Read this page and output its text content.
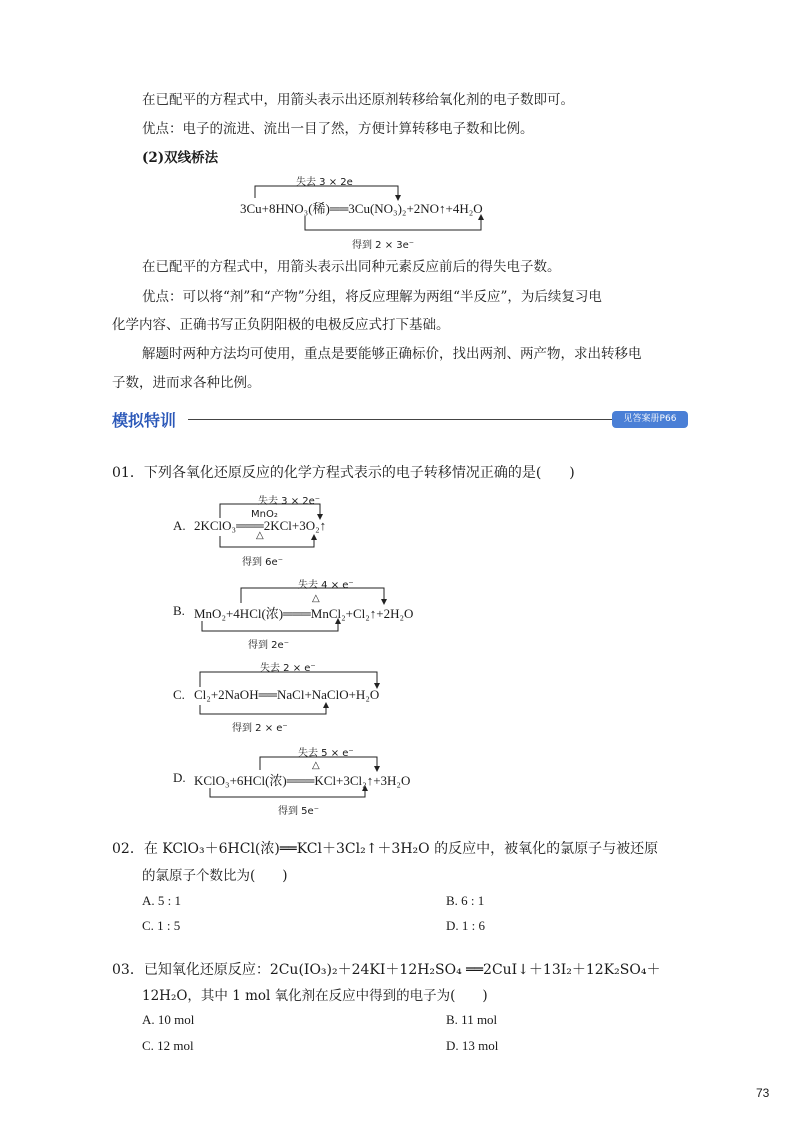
在已配平的方程式中，用箭头表示出还原剂转移给氧化剂的电子数即可。
优点：电子的流进、流出一目了然，方便计算转移电子数和比例。
(2)双线桥法
失去 3 × 2e
3Cu+8HNO₃(稀)══3Cu(NO₃)₂+2NO↑+4H₂O
得到 2 × 3e⁻
在已配平的方程式中，用箭头表示出同种元素反应前后的得失电子数。
优点：可以将“剂”和“产物”分组，将反应理解为两组“半反应”，为后续复习电
化学内容、正确书写正负阴阳极的电极反应式打下基础。
解题时两种方法均可使用，重点是要能够正确标价，找出两剂、两产物，求出转移电
子数，进而求各种比例。
模拟特训	见答案册P66
01．下列各氧化还原反应的化学方程式表示的电子转移情况正确的是(　　)
失去 3 × 2e⁻
MnO₂
△
A. 2KClO₃═══2KCl+3O₂↑
得到 6e⁻
失去 4 × e⁻
△
B. MnO₂+4HCl(浓)═══MnCl₂+Cl₂↑+2H₂O
得到 2e⁻
失去 2 × e⁻
C. Cl₂+2NaOH══NaCl+NaClO+H₂O
得到 2 × e⁻
失去 5 × e⁻
△
D. KClO₃+6HCl(浓)═══KCl+3Cl₂↑+3H₂O
得到 5e⁻
02．在 KClO₃＋6HCl(浓)══KCl＋3Cl₂↑＋3H₂O 的反应中，被氧化的氯原子与被还原
的氯原子个数比为(　　)
A. 5 : 1	B. 6 : 1
C. 1 : 5	D. 1 : 6
03．已知氧化还原反应：2Cu(IO₃)₂＋24KI＋12H₂SO₄ ══2CuI↓＋13I₂＋12K₂SO₄＋
12H₂O，其中 1 mol 氧化剂在反应中得到的电子为(　　)
A. 10 mol	B. 11 mol
C. 12 mol	D. 13 mol
73
